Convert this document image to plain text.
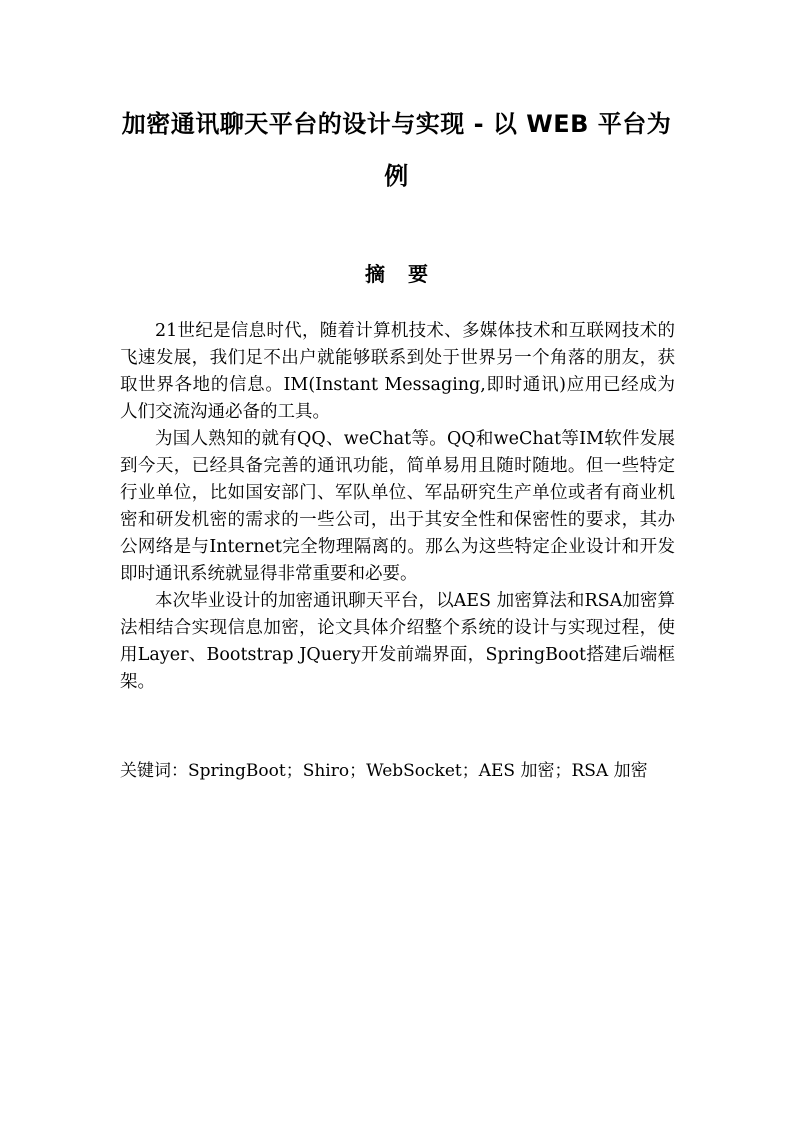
加密通讯聊天平台的设计与实现 - 以 WEB 平台为例
摘 要

21世纪是信息时代，随着计算机技术、多媒体技术和互联网技术的飞速发展，我们足不出户就能够联系到处于世界另一个角落的朋友，获取世界各地的信息。IM(Instant Messaging,即时通讯)应用已经成为人们交流沟通必备的工具。

为国人熟知的就有QQ、weChat等。QQ和weChat等IM软件发展到今天，已经具备完善的通讯功能，简单易用且随时随地。但一些特定行业单位，比如国安部门、军队单位、军品研究生产单位或者有商业机密和研发机密的需求的一些公司，出于其安全性和保密性的要求，其办公网络是与Internet完全物理隔离的。那么为这些特定企业设计和开发即时通讯系统就显得非常重要和必要。

本次毕业设计的加密通讯聊天平台，以AES 加密算法和RSA加密算法相结合实现信息加密，论文具体介绍整个系统的设计与实现过程，使用Layer、Bootstrap JQuery开发前端界面，SpringBoot搭建后端框架。

关键词：SpringBoot；Shiro；WebSocket；AES 加密；RSA 加密
